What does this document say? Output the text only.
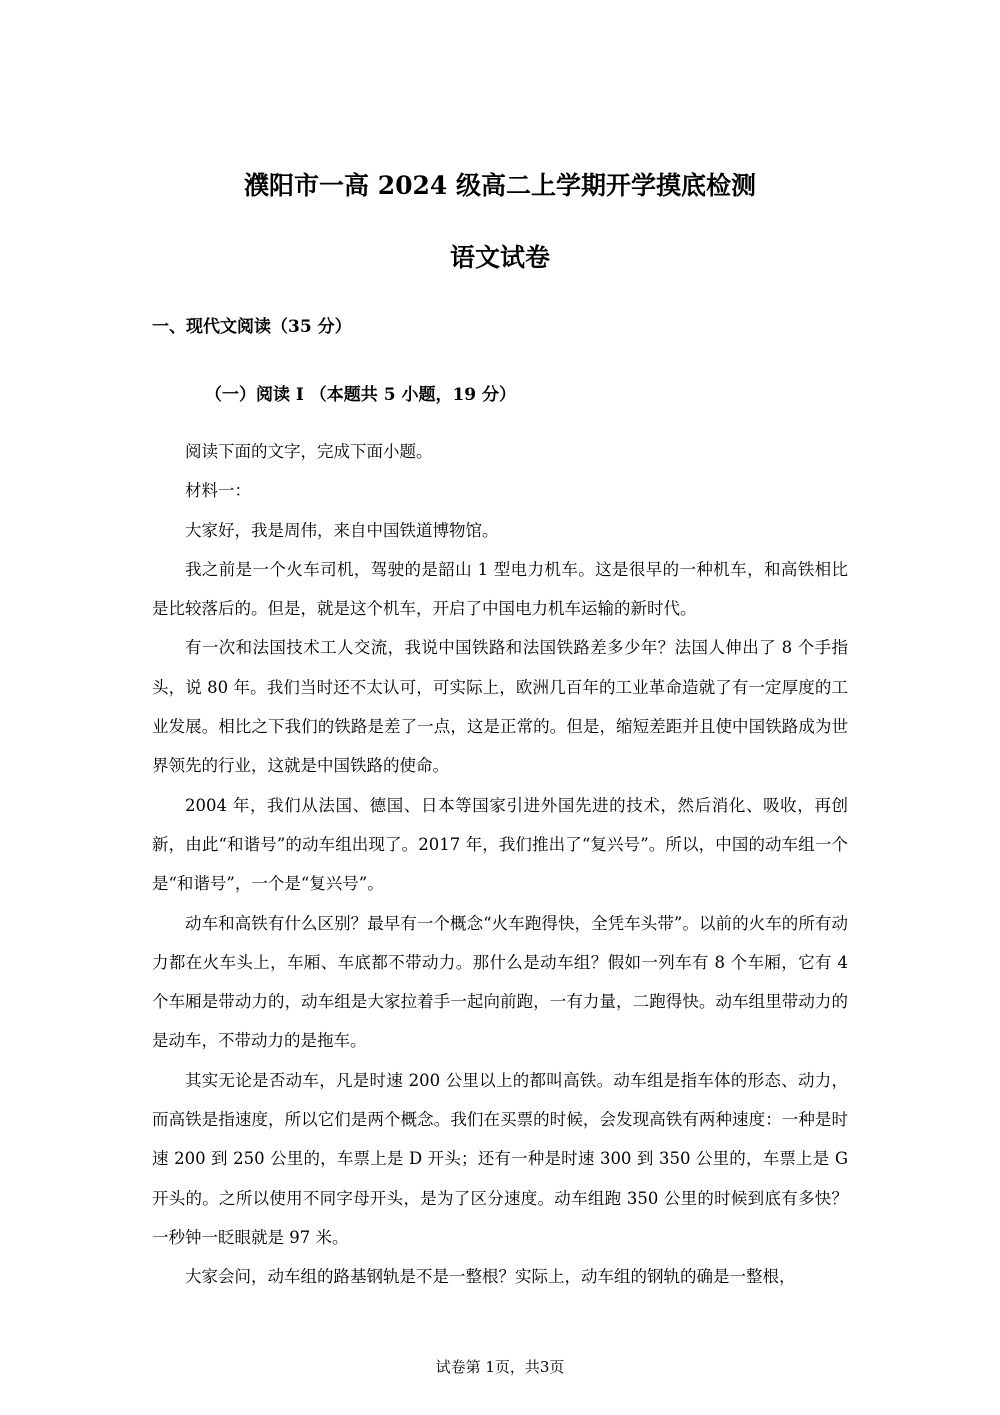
濮阳市一高 2024 级高二上学期开学摸底检测
语文试卷
一、现代文阅读（35 分）
（一）阅读 I （本题共 5 小题，19 分）

阅读下面的文字，完成下面小题。

材料一：

大家好，我是周伟，来自中国铁道博物馆。

我之前是一个火车司机，驾驶的是韶山 1 型电力机车。这是很早的一种机车，和高铁相比是比较落后的。但是，就是这个机车，开启了中国电力机车运输的新时代。

有一次和法国技术工人交流，我说中国铁路和法国铁路差多少年？法国人伸出了 8 个手指头，说 80 年。我们当时还不太认可，可实际上，欧洲几百年的工业革命造就了有一定厚度的工业发展。相比之下我们的铁路是差了一点，这是正常的。但是，缩短差距并且使中国铁路成为世界领先的行业，这就是中国铁路的使命。

2004 年，我们从法国、德国、日本等国家引进外国先进的技术，然后消化、吸收，再创新，由此“和谐号”的动车组出现了。2017 年，我们推出了“复兴号”。所以，中国的动车组一个是“和谐号”，一个是“复兴号”。

动车和高铁有什么区别？最早有一个概念“火车跑得快，全凭车头带”。以前的火车的所有动力都在火车头上，车厢、车底都不带动力。那什么是动车组？假如一列车有 8 个车厢，它有 4 个车厢是带动力的，动车组是大家拉着手一起向前跑，一有力量，二跑得快。动车组里带动力的是动车，不带动力的是拖车。

其实无论是否动车，凡是时速 200 公里以上的都叫高铁。动车组是指车体的形态、动力，而高铁是指速度，所以它们是两个概念。我们在买票的时候，会发现高铁有两种速度：一种是时速 200 到 250 公里的，车票上是 D 开头；还有一种是时速 300 到 350 公里的，车票上是 G 开头的。之所以使用不同字母开头，是为了区分速度。动车组跑 350 公里的时候到底有多快？一秒钟一眨眼就是 97 米。

大家会问，动车组的路基钢轨是不是一整根？实际上，动车组的钢轨的确是一整根，

试卷第 1页，共3页
